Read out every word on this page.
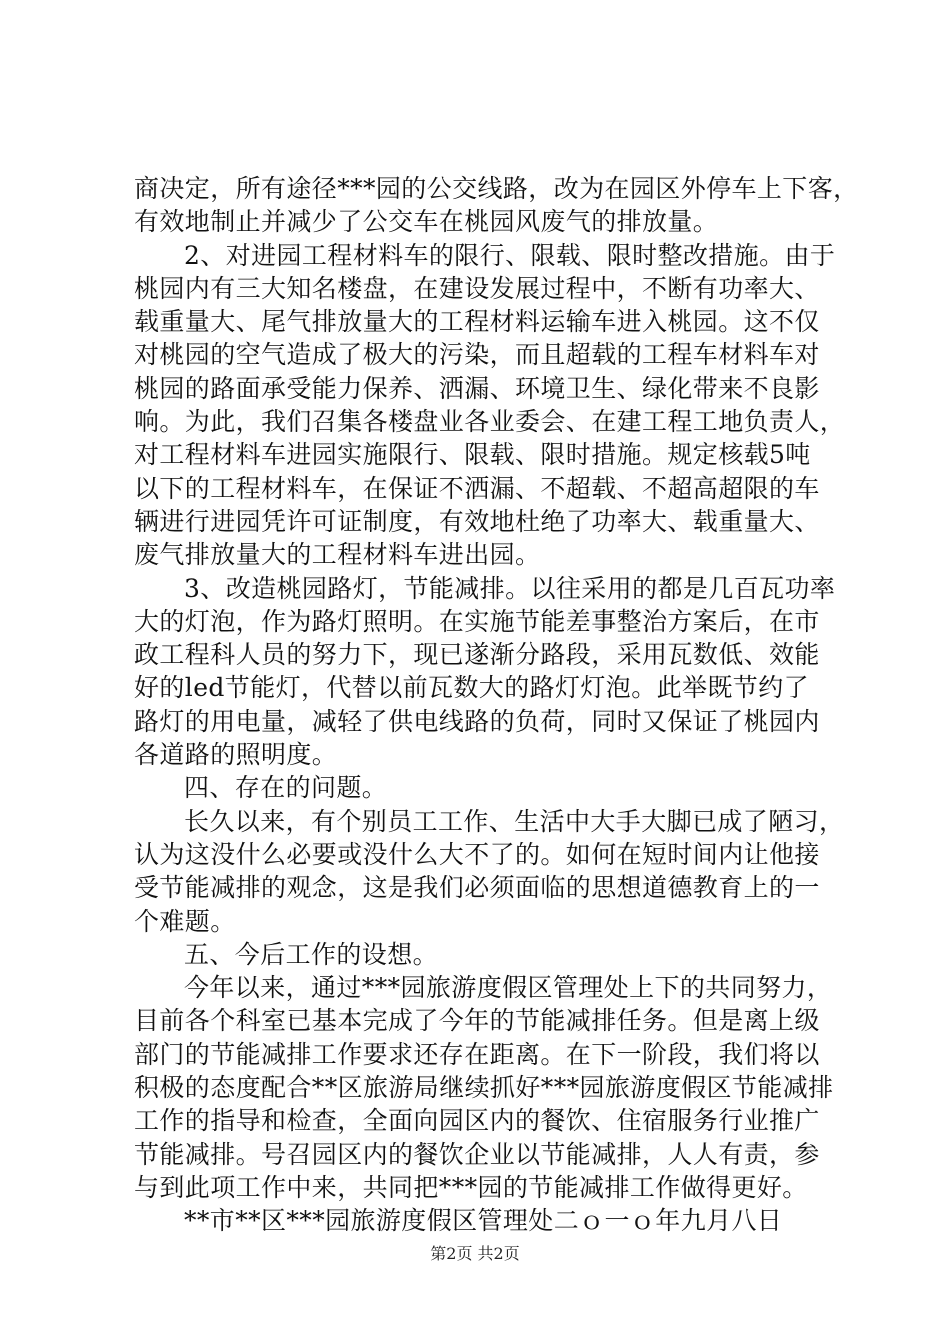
商决定，所有途径***园的公交线路，改为在园区外停车上下客，
有效地制止并减少了公交车在桃园风废气的排放量。
2、对进园工程材料车的限行、限载、限时整改措施。由于
桃园内有三大知名楼盘，在建设发展过程中，不断有功率大、
载重量大、尾气排放量大的工程材料运输车进入桃园。这不仅
对桃园的空气造成了极大的污染，而且超载的工程车材料车对
桃园的路面承受能力保养、洒漏、环境卫生、绿化带来不良影
响。为此，我们召集各楼盘业各业委会、在建工程工地负责人，
对工程材料车进园实施限行、限载、限时措施。规定核载5吨
以下的工程材料车，在保证不洒漏、不超载、不超高超限的车
辆进行进园凭许可证制度，有效地杜绝了功率大、载重量大、
废气排放量大的工程材料车进出园。
3、改造桃园路灯，节能减排。以往采用的都是几百瓦功率
大的灯泡，作为路灯照明。在实施节能差事整治方案后，在市
政工程科人员的努力下，现已遂渐分路段，采用瓦数低、效能
好的led节能灯，代替以前瓦数大的路灯灯泡。此举既节约了
路灯的用电量，减轻了供电线路的负荷，同时又保证了桃园内
各道路的照明度。
四、存在的问题。
长久以来，有个别员工工作、生活中大手大脚已成了陋习，
认为这没什么必要或没什么大不了的。如何在短时间内让他接
受节能减排的观念，这是我们必须面临的思想道德教育上的一
个难题。
五、今后工作的设想。
今年以来，通过***园旅游度假区管理处上下的共同努力，
目前各个科室已基本完成了今年的节能减排任务。但是离上级
部门的节能减排工作要求还存在距离。在下一阶段，我们将以
积极的态度配合**区旅游局继续抓好***园旅游度假区节能减排
工作的指导和检查，全面向园区内的餐饮、住宿服务行业推广
节能减排。号召园区内的餐饮企业以节能减排，人人有责，参
与到此项工作中来，共同把***园的节能减排工作做得更好。
**市**区***园旅游度假区管理处二ｏ一ｏ年九月八日
第2页 共2页
